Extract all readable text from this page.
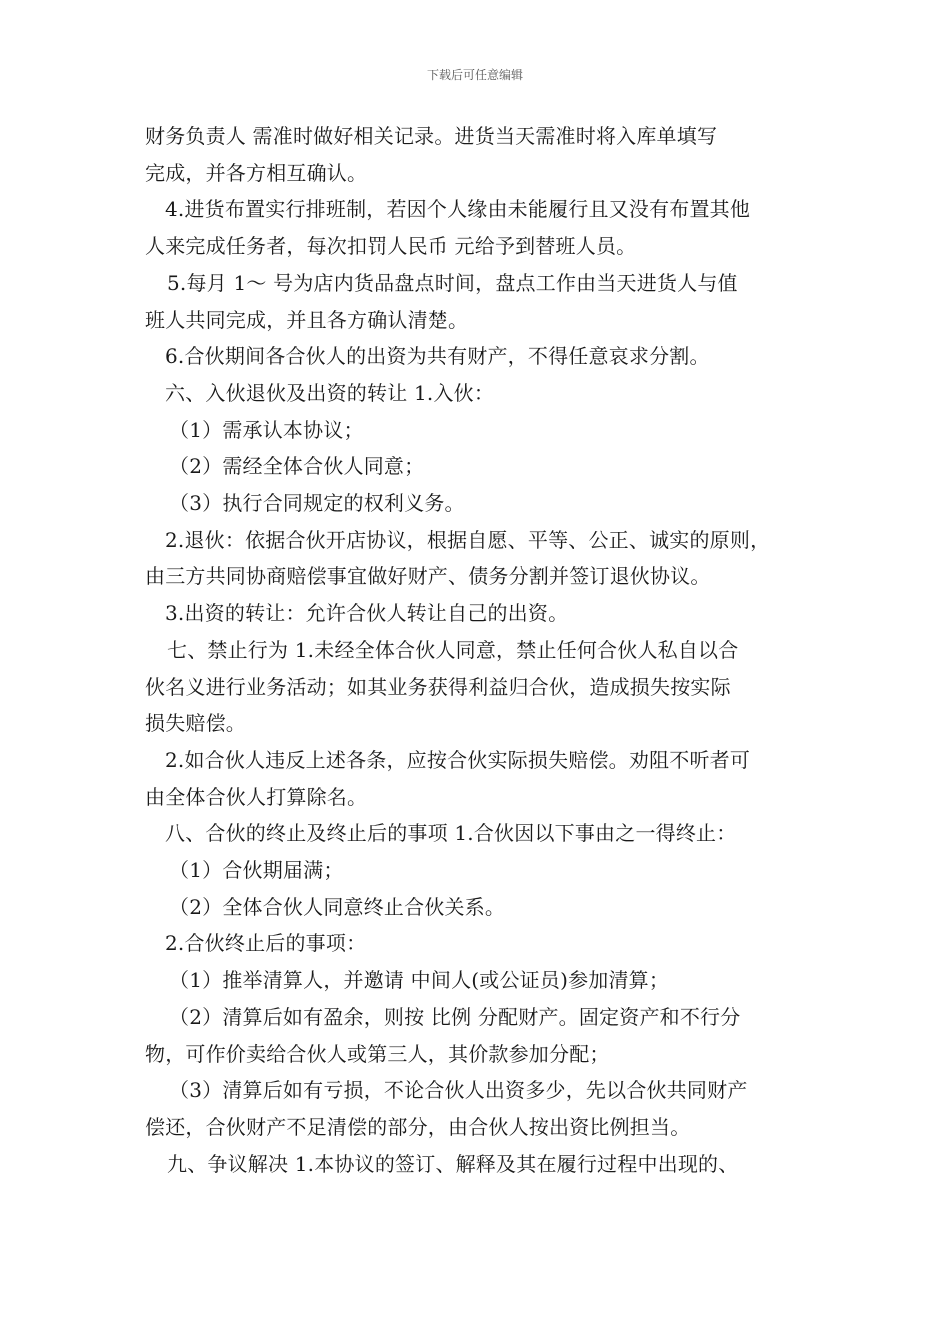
下载后可任意编辑
财务负责人 需准时做好相关记录。进货当天需准时将入库单填写
完成，并各方相互确认。
4.进货布置实行排班制，若因个人缘由未能履行且又没有布置其他
人来完成任务者，每次扣罚人民币 元给予到替班人员。
5.每月 1～ 号为店内货品盘点时间，盘点工作由当天进货人与值
班人共同完成，并且各方确认清楚。
6.合伙期间各合伙人的出资为共有财产，不得任意哀求分割。
六、入伙退伙及出资的转让 1.入伙：
（1）需承认本协议；
（2）需经全体合伙人同意；
（3）执行合同规定的权利义务。
2.退伙：依据合伙开店协议，根据自愿、平等、公正、诚实的原则，
由三方共同协商赔偿事宜做好财产、债务分割并签订退伙协议。
3.出资的转让：允许合伙人转让自己的出资。
七、禁止行为 1.未经全体合伙人同意，禁止任何合伙人私自以合
伙名义进行业务活动；如其业务获得利益归合伙，造成损失按实际
损失赔偿。
2.如合伙人违反上述各条，应按合伙实际损失赔偿。劝阻不听者可
由全体合伙人打算除名。
八、合伙的终止及终止后的事项 1.合伙因以下事由之一得终止：
（1）合伙期届满；
（2）全体合伙人同意终止合伙关系。
2.合伙终止后的事项：
（1）推举清算人，并邀请 中间人(或公证员)参加清算；
（2）清算后如有盈余，则按 比例 分配财产。固定资产和不行分
物，可作价卖给合伙人或第三人，其价款参加分配；
（3）清算后如有亏损，不论合伙人出资多少，先以合伙共同财产
偿还，合伙财产不足清偿的部分，由合伙人按出资比例担当。
九、争议解决 1.本协议的签订、解释及其在履行过程中出现的、
